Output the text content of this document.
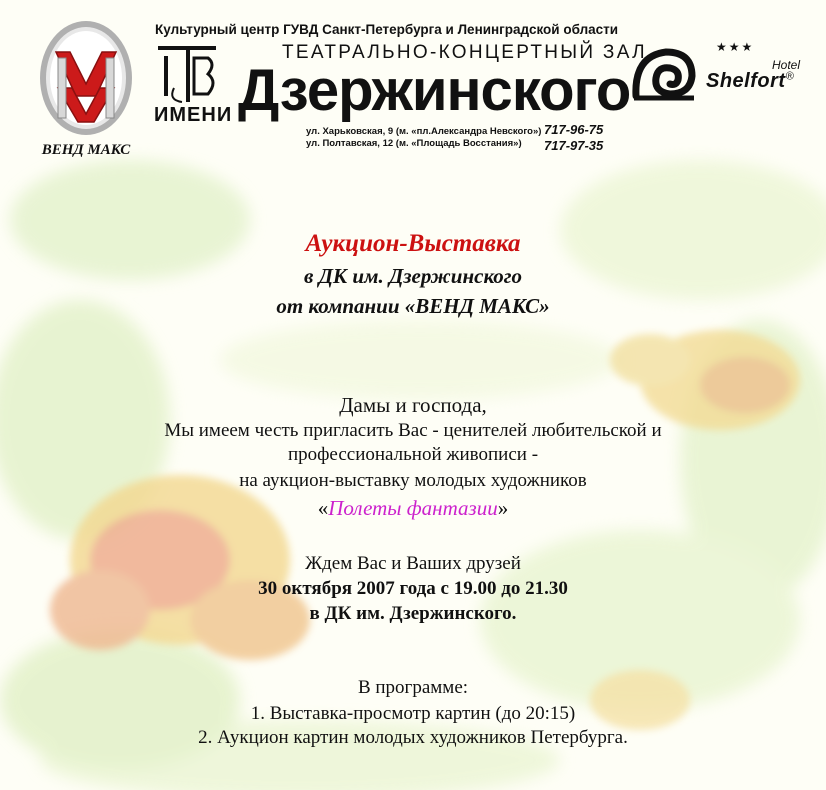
ВЕНД МАКС
Культурный центр ГУВД Санкт-Петербурга и Ленинградской области
ИМЕНИ
ТЕАТРАЛЬНО-КОНЦЕРТНЫЙ ЗАЛ
Дзержинского
ул. Харьковская, 9 (м. «пл.Александра Невского»)
ул. Полтавская, 12 (м. «Площадь Восстания»)
717-96-75
717-97-35
★★★
Hotel
Shelfort®
Аукцион-Выставка
в ДК им. Дзержинского
от компании «ВЕНД МАКС»
Дамы и господа,
Мы имеем честь пригласить Вас - ценителей любительской и
профессиональной живописи -
на аукцион-выставку молодых художников
«Полеты фантазии»
Ждем Вас и Ваших друзей
30 октября 2007 года с 19.00 до 21.30
в ДК им. Дзержинского.
В программе:
1. Выставка-просмотр картин (до 20:15)
2. Аукцион картин молодых художников Петербурга.
